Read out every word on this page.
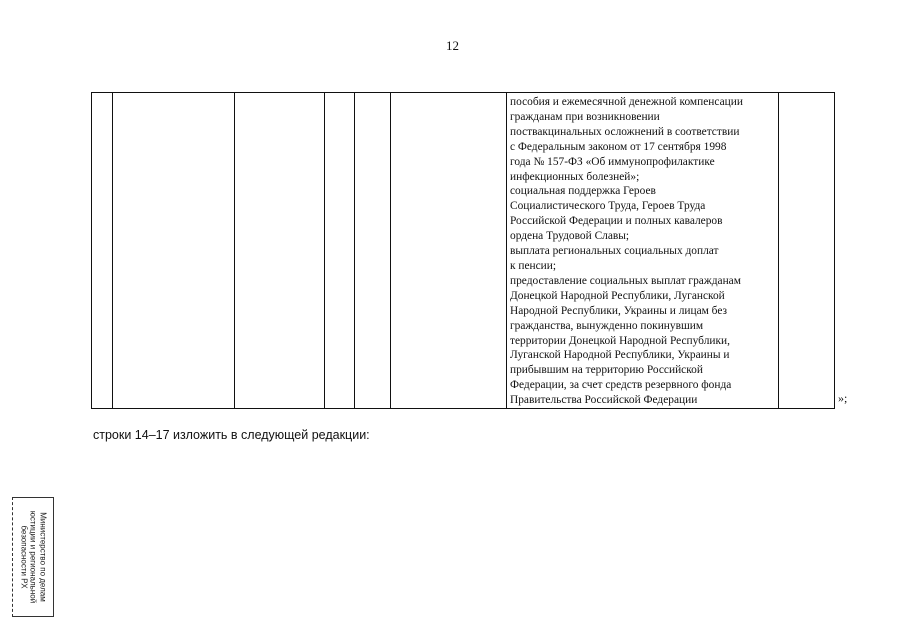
12

пособия и ежемесячной денежной компенсации
гражданам при возникновении
поствакцинальных осложнений в соответствии
с Федеральным законом от 17 сентября 1998
года № 157-ФЗ «Об иммунопрофилактике
инфекционных болезней»;
социальная поддержка Героев
Социалистического Труда, Героев Труда
Российской Федерации и полных кавалеров
ордена Трудовой Славы;
выплата региональных социальных доплат
к пенсии;
предоставление социальных выплат гражданам
Донецкой Народной Республики, Луганской
Народной Республики, Украины и лицам без
гражданства, вынужденно покинувшим
территории Донецкой Народной Республики,
Луганской Народной Республики, Украины и
прибывшим на территорию Российской
Федерации, за счет средств резервного фонда
Правительства Российской Федерации
		»;
строки 14–17 изложить в следующей редакции:
Министерство по делам
юстиции и региональной
безопасности РХ
